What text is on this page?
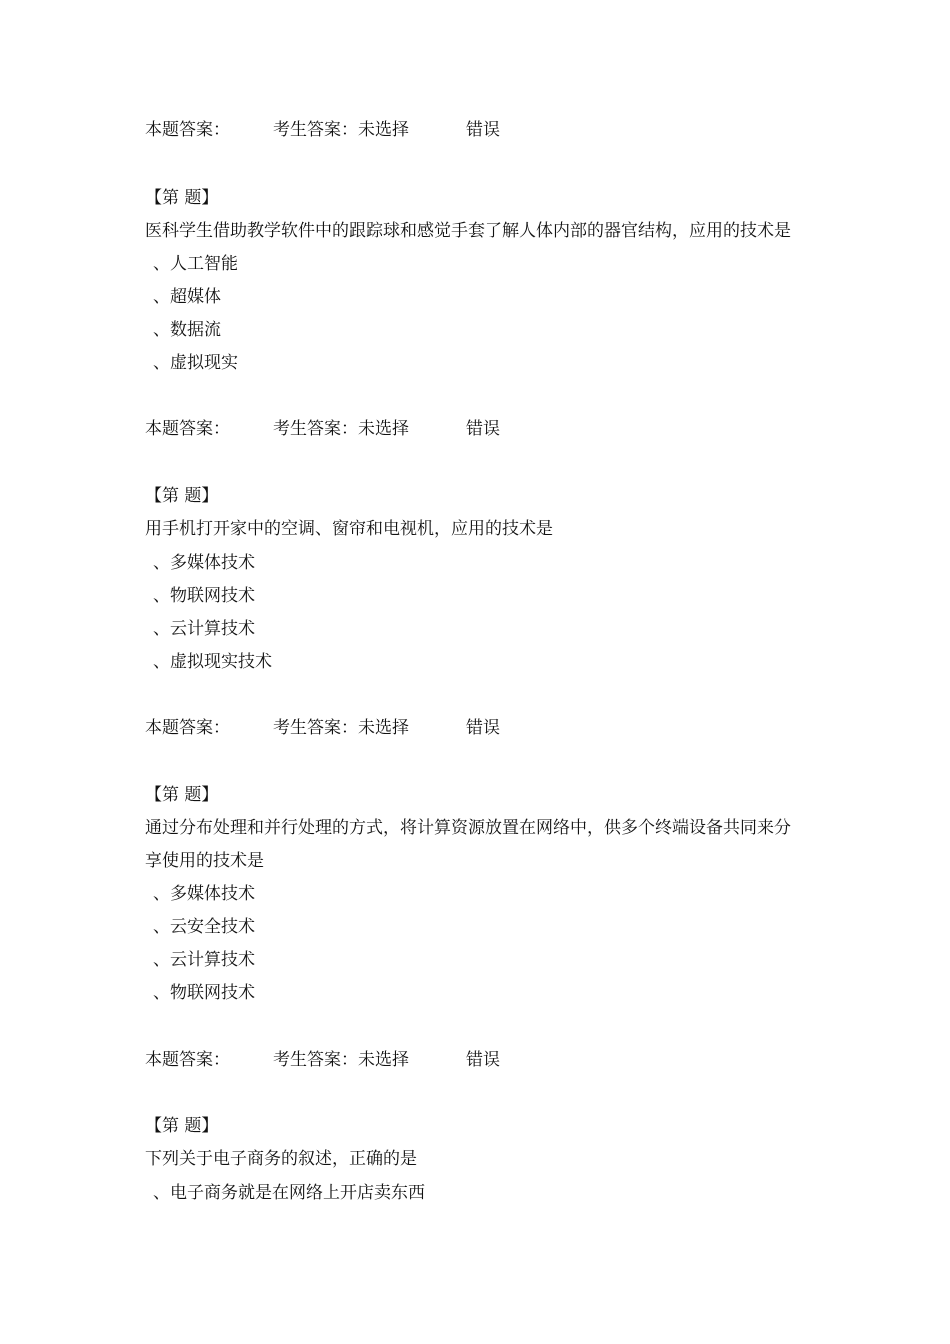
本题答案：	考生答案：未选择	错误
【第 题】
医科学生借助教学软件中的跟踪球和感觉手套了解人体内部的器官结构，应用的技术是
、人工智能
、超媒体
、数据流
、虚拟现实
本题答案：	考生答案：未选择	错误
【第 题】
用手机打开家中的空调、窗帘和电视机，应用的技术是
、多媒体技术
、物联网技术
、云计算技术
、虚拟现实技术
本题答案：	考生答案：未选择	错误
【第 题】
通过分布处理和并行处理的方式，将计算资源放置在网络中，供多个终端设备共同来分
享使用的技术是
、多媒体技术
、云安全技术
、云计算技术
、物联网技术
本题答案：	考生答案：未选择	错误
【第 题】
下列关于电子商务的叙述，正确的是
、电子商务就是在网络上开店卖东西
